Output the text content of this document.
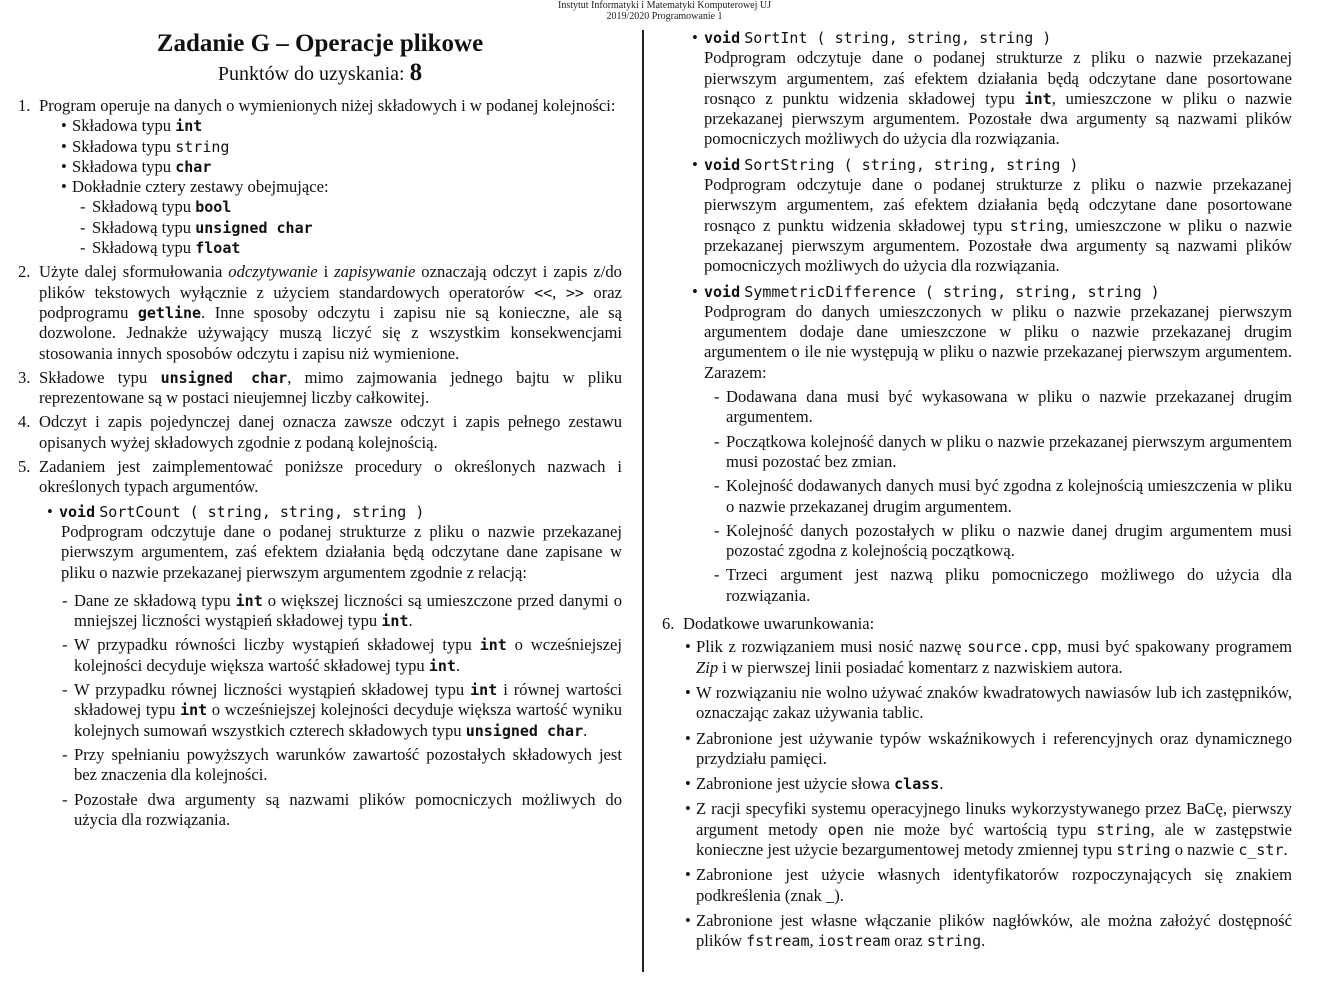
Instytut Informatyki i Matematyki Komputerowej UJ
2019/2020 Programowanie 1
Zadanie G – Operacje plikowe
Punktów do uzyskania: 8
1. Program operuje na danych o wymienionych niżej składowych i w podanej kolejności:
• Składowa typu int
• Składowa typu string
• Składowa typu char
• Dokładnie cztery zestawy obejmujące:
- Składową typu bool
- Składową typu unsigned char
- Składową typu float
2. Użyte dalej sformułowania odczytywanie i zapisywanie oznaczają odczyt i zapis z/do plików tekstowych wyłącznie z użyciem standardowych operatorów <<, >> oraz podprogramu getline. Inne sposoby odczytu i zapisu nie są konieczne, ale są dozwolone. Jednakże używający muszą liczyć się z wszystkim konsekwencjami stosowania innych sposobów odczytu i zapisu niż wymienione.
3. Składowe typu unsigned char, mimo zajmowania jednego bajtu w pliku reprezentowane są w postaci nieujemnej liczby całkowitej.
4. Odczyt i zapis pojedynczej danej oznacza zawsze odczyt i zapis pełnego zestawu opisanych wyżej składowych zgodnie z podaną kolejnością.
5. Zadaniem jest zaimplementować poniższe procedury o określonych nazwach i określonych typach argumentów.
• void SortCount ( string, string, string )
Podprogram odczytuje dane o podanej strukturze z pliku o nazwie przekazanej pierwszym argumentem, zaś efektem działania będą odczytane dane zapisane w pliku o nazwie przekazanej pierwszym argumentem zgodnie z relacją:
- Dane ze składową typu int o większej liczności są umieszczone przed danymi o mniejszej liczności wystąpień składowej typu int.
- W przypadku równości liczby wystąpień składowej typu int o wcześniejszej kolejności decyduje większa wartość składowej typu int.
- W przypadku równej liczności wystąpień składowej typu int i równej wartości składowej typu int o wcześniejszej kolejności decyduje większa wartość wyniku kolejnych sumowań wszystkich czterech składowych typu unsigned char.
- Przy spełnianiu powyższych warunków zawartość pozostałych składowych jest bez znaczenia dla kolejności.
- Pozostałe dwa argumenty są nazwami plików pomocniczych możliwych do użycia dla rozwiązania.
• void SortInt ( string, string, string )
Podprogram odczytuje dane o podanej strukturze z pliku o nazwie przekazanej pierwszym argumentem, zaś efektem działania będą odczytane dane posortowane rosnąco z punktu widzenia składowej typu int, umieszczone w pliku o nazwie przekazanej pierwszym argumentem. Pozostałe dwa argumenty są nazwami plików pomocniczych możliwych do użycia dla rozwiązania.
• void SortString ( string, string, string )
Podprogram odczytuje dane o podanej strukturze z pliku o nazwie przekazanej pierwszym argumentem, zaś efektem działania będą odczytane dane posortowane rosnąco z punktu widzenia składowej typu string, umieszczone w pliku o nazwie przekazanej pierwszym argumentem. Pozostałe dwa argumenty są nazwami plików pomocniczych możliwych do użycia dla rozwiązania.
• void SymmetricDifference ( string, string, string )
Podprogram do danych umieszczonych w pliku o nazwie przekazanej pierwszym argumentem dodaje dane umieszczone w pliku o nazwie przekazanej drugim argumentem o ile nie występują w pliku o nazwie przekazanej pierwszym argumentem. Zarazem:
- Dodawana dana musi być wykasowana w pliku o nazwie przekazanej drugim argumentem.
- Początkowa kolejność danych w pliku o nazwie przekazanej pierwszym argumentem musi pozostać bez zmian.
- Kolejność dodawanych danych musi być zgodna z kolejnością umieszczenia w pliku o nazwie przekazanej drugim argumentem.
- Kolejność danych pozostałych w pliku o nazwie danej drugim argumentem musi pozostać zgodna z kolejnością początkową.
- Trzeci argument jest nazwą pliku pomocniczego możliwego do użycia dla rozwiązania.
6. Dodatkowe uwarunkowania:
• Plik z rozwiązaniem musi nosić nazwę source.cpp, musi być spakowany programem Zip i w pierwszej linii posiadać komentarz z nazwiskiem autora.
• W rozwiązaniu nie wolno używać znaków kwadratowych nawiasów lub ich zastępników, oznaczając zakaz używania tablic.
• Zabronione jest używanie typów wskaźnikowych i referencyjnych oraz dynamicznego przydziału pamięci.
• Zabronione jest użycie słowa class.
• Z racji specyfiki systemu operacyjnego linuks wykorzystywanego przez BaCę, pierwszy argument metody open nie może być wartością typu string, ale w zastępstwie konieczne jest użycie bezargumentowej metody zmiennej typu string o nazwie c_str.
• Zabronione jest użycie własnych identyfikatorów rozpoczynających się znakiem podkreślenia (znak _).
• Zabronione jest własne włączanie plików nagłówków, ale można założyć dostępność plików fstream, iostream oraz string.
